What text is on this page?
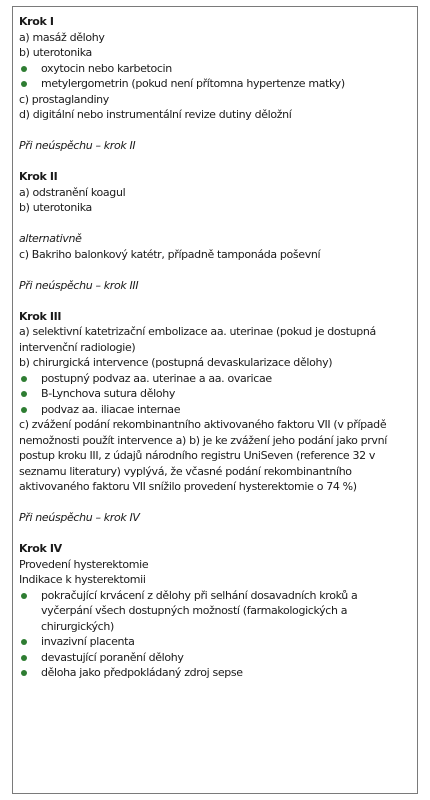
Krok I
a) masáž dělohy
b) uterotonika
oxytocin nebo karbetocin
metylergometrin (pokud není přítomna hypertenze matky)
c) prostaglandiny
d) digitální nebo instrumentální revize dutiny děložní
Při neúspěchu – krok II
Krok II
a) odstranění koagul
b) uterotonika
alternativně
c) Bakriho balonkový katétr, případně tamponáda poševní
Při neúspěchu – krok III
Krok III
a) selektivní katetrizační embolizace aa. uterinae (pokud je dostupná intervenční radiologie)
b) chirurgická intervence (postupná devaskularizace dělohy)
postupný podvaz aa. uterinae a aa. ovaricae
B-Lynchova sutura dělohy
podvaz aa. iliacae internae
c) zvážení podání rekombinantního aktivovaného faktoru VII (v případě nemožnosti použít intervence a) b) je ke zvážení jeho podání jako první postup kroku III, z údajů národního registru UniSeven (reference 32 v seznamu literatury) vyplývá, že včasné podání rekombinantního aktivovaného faktoru VII snížilo provedení hysterektomie o 74 %)
Při neúspěchu – krok IV
Krok IV
Provedení hysterektomie
Indikace k hysterektomii
pokračující krvácení z dělohy při selhání dosavadních kroků a vyčerpání všech dostupných možností (farmakologických a chirurgických)
invazivní placenta
devastující poranění dělohy
děloha jako předpokládaný zdroj sepse
